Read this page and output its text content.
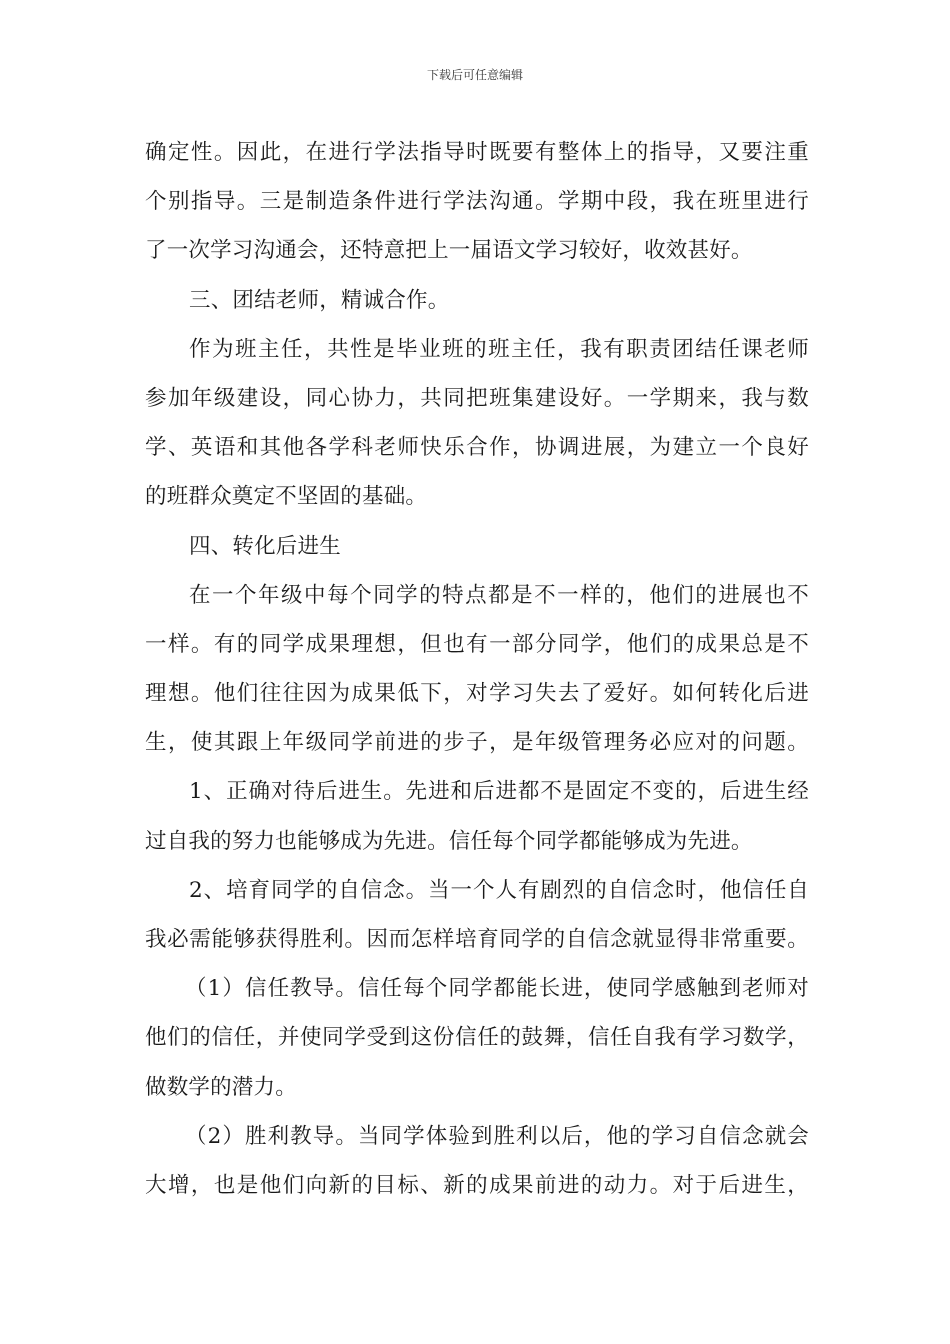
下载后可任意编辑
确定性。因此，在进行学法指导时既要有整体上的指导，又要注重
个别指导。三是制造条件进行学法沟通。学期中段，我在班里进行
了一次学习沟通会，还特意把上一届语文学习较好，收效甚好。
三、团结老师，精诚合作。
作为班主任，共性是毕业班的班主任，我有职责团结任课老师
参加年级建设，同心协力，共同把班集建设好。一学期来，我与数
学、英语和其他各学科老师快乐合作，协调进展，为建立一个良好
的班群众奠定不坚固的基础。
四、转化后进生
在一个年级中每个同学的特点都是不一样的，他们的进展也不
一样。有的同学成果理想，但也有一部分同学，他们的成果总是不
理想。他们往往因为成果低下，对学习失去了爱好。如何转化后进
生，使其跟上年级同学前进的步子，是年级管理务必应对的问题。
1、正确对待后进生。先进和后进都不是固定不变的，后进生经
过自我的努力也能够成为先进。信任每个同学都能够成为先进。
2、培育同学的自信念。当一个人有剧烈的自信念时，他信任自
我必需能够获得胜利。因而怎样培育同学的自信念就显得非常重要。
（1）信任教导。信任每个同学都能长进，使同学感触到老师对
他们的信任，并使同学受到这份信任的鼓舞，信任自我有学习数学，
做数学的潜力。
（2）胜利教导。当同学体验到胜利以后，他的学习自信念就会
大增，也是他们向新的目标、新的成果前进的动力。对于后进生，
